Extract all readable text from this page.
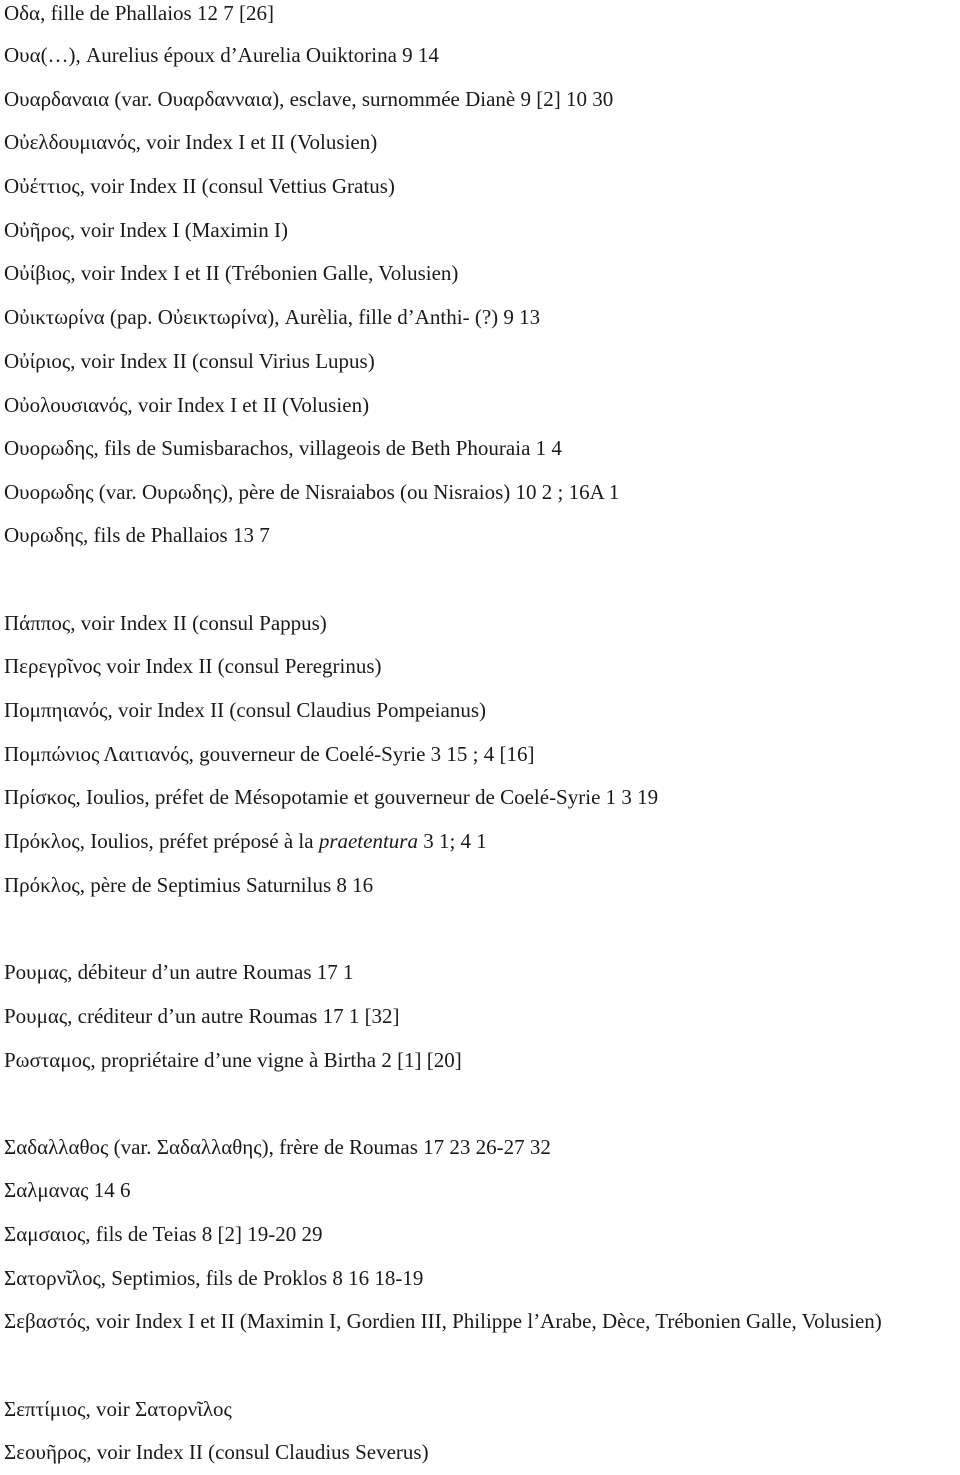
Οδα, fille de Phallaios 12 7 [26]
Ουα(…), Aurelius époux d’Aurelia Ouiktorina 9 14
Ουαρδαναια (var. Ουαρδανναια), esclave, surnommée Dianè 9 [2] 10 30
Οὐελδουμιανός, voir Index I et II (Volusien)
Οὐέττιος, voir Index II (consul Vettius Gratus)
Οὐῆρος, voir Index I (Maximin I)
Οὐίβιος, voir Index I et II (Trébonien Galle, Volusien)
Οὐικτωρίνα (pap. Οὐεικτωρίνα), Aurèlia, fille d’Anthi- (?) 9 13
Οὐίριος, voir Index II (consul Virius Lupus)
Οὐολουσιανός, voir Index I et II (Volusien)
Ουορωδης, fils de Sumisbarachos, villageois de Beth Phouraia 1 4
Ουορωδης (var. Ουρωδης), père de Nisraiabos (ou Nisraios) 10 2 ; 16A 1
Ουρωδης, fils de Phallaios 13 7
Πάππος, voir Index II (consul Pappus)
Περεγρῖνος voir Index II (consul Peregrinus)
Πομπηιανός, voir Index II (consul Claudius Pompeianus)
Πομπώνιος Λαιτιανός, gouverneur de Coelé-Syrie 3 15 ; 4 [16]
Πρίσκος, Ioulios, préfet de Mésopotamie et gouverneur de Coelé-Syrie 1 3 19
Πρόκλος, Ioulios, préfet préposé à la praetentura 3 1; 4 1
Πρόκλος, père de Septimius Saturnilus 8 16
Ρουμας, débiteur d’un autre Roumas 17 1
Ρουμας, créditeur d’un autre Roumas 17 1 [32]
Ρωσταμος, propriétaire d’une vigne à Birtha 2 [1] [20]
Σαδαλλαθος (var. Σαδαλλαθης), frère de Roumas 17 23 26-27 32
Σαλμανας 14 6
Σαμσαιος, fils de Teias 8 [2] 19-20 29
Σατορνῖλος, Septimios, fils de Proklos 8 16 18-19
Σεβαστός, voir Index I et II (Maximin I, Gordien III, Philippe l’Arabe, Dèce, Trébonien Galle, Volusien)
Σεπτίμιος, voir Σατορνῖλος
Σεουῆρος, voir Index II (consul Claudius Severus)
